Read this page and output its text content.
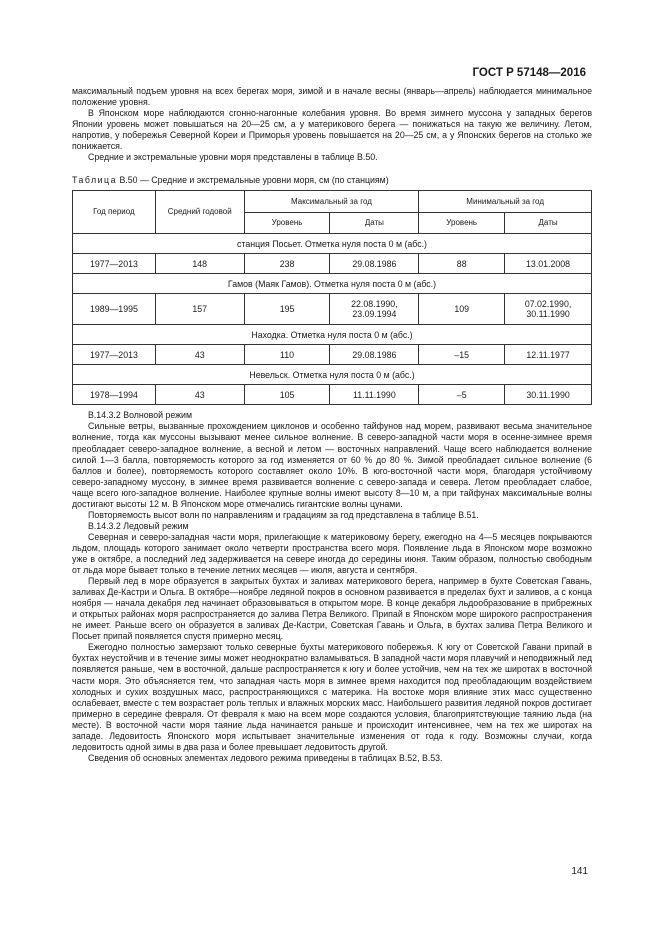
ГОСТ Р 57148—2016

максимальный подъем уровня на всех берегах моря, зимой и в начале весны (январь—апрель) наблюдается минимальное положение уровня.

В Японском море наблюдаются сгонно-нагонные колебания уровня. Во время зимнего муссона у западных берегов Японии уровень может повышаться на 20—25 см, а у материкового берега — понижаться на такую же величину. Летом, напротив, у побережья Северной Кореи и Приморья уровень повышается на 20—25 см, а у Японских берегов на столько же понижается.

Средние и экстремальные уровни моря представлены в таблице В.50.

Таблица В.50 — Средние и экстремальные уровни моря, см (по станциям)

Год период	Средний годовой	Максимальный за год		Минимальный за год	
		Уровень	Даты	Уровень	Даты
станция Посьет. Отметка нуля поста 0 м (абс.)					
1977—2013	148	238	29.08.1986	88	13.01.2008
Гамов (Маяк Гамов). Отметка нуля поста 0 м (абс.)					
1989—1995	157	195	22.08.1990, 23.09.1994	109	07.02.1990, 30.11.1990
Находка. Отметка нуля поста 0 м (абс.)					
1977—2013	43	110	29.08.1986	–15	12.11.1977
Невельск. Отметка нуля поста 0 м (абс.)					
1978—1994	43	105	11.11.1990	–5	30.11.1990

В.14.3.2 Волновой режим

Сильные ветры, вызванные прохождением циклонов и особенно тайфунов над морем, развивают весьма значительное волнение, тогда как муссоны вызывают менее сильное волнение. В северо-западной части моря в осенне-зимнее время преобладает северо-западное волнение, а весной и летом — восточных направлений. Чаще всего наблюдается волнение силой 1—3 балла, повторяемость которого за год изменяется от 60 % до 80 %. Зимой преобладает сильное волнение (6 баллов и более), повторяемость которого составляет около 10%. В юго-восточной части моря, благодаря устойчивому северо-западному муссону, в зимнее время развивается волнение с северо-запада и севера. Летом преобладает слабое, чаще всего юго-западное волнение. Наиболее крупные волны имеют высоту 8—10 м, а при тайфунах максимальные волны достигают высоты 12 м. В Японском море отмечались гигантские волны цунами.

Повторяемость высот волн по направлениям и градациям за год представлена в таблице В.51.

В.14.3.2 Ледовый режим

Северная и северо-западная части моря, прилегающие к материковому берегу, ежегодно на 4—5 месяцев покрываются льдом, площадь которого занимает около четверти пространства всего моря. Появление льда в Японском море возможно уже в октябре, а последний лед задерживается на севере иногда до середины июня. Таким образом, полностью свободным от льда море бывает только в течение летних месяцев — июля, августа и сентября.

Первый лед в море образуется в закрытых бухтах и заливах материкового берега, например в бухте Советская Гавань, заливах Де-Кастри и Ольга. В октябре—ноябре ледяной покров в основном развивается в пределах бухт и заливов, а с конца ноября — начала декабря лед начинает образовываться в открытом море. В конце декабря льдообразование в прибрежных и открытых районах моря распространяется до залива Петра Великого. Припай в Японском море широкого распространения не имеет. Раньше всего он образуется в заливах Де-Кастри, Советская Гавань и Ольга, в бухтах залива Петра Великого и Посьет припай появляется спустя примерно месяц.

Ежегодно полностью замерзают только северные бухты материкового побережья. К югу от Советской Гавани припай в бухтах неустойчив и в течение зимы может неоднократно взламываться. В западной части моря плавучий и неподвижный лед появляется раньше, чем в восточной, дальше распространяется к югу и более устойчив, чем на тех же широтах в восточной части моря. Это объясняется тем, что западная часть моря в зимнее время находится под преобладающим воздействием холодных и сухих воздушных масс, распространяющихся с материка. На востоке моря влияние этих масс существенно ослабевает, вместе с тем возрастает роль теплых и влажных морских масс. Наибольшего развития ледяной покров достигает примерно в середине февраля. От февраля к маю на всем море создаются условия, благоприятствующие таянию льда (на месте). В восточной части моря таяние льда начинается раньше и происходит интенсивнее, чем на тех же широтах на западе. Ледовитость Японского моря испытывает значительные изменения от года к году. Возможны случаи, когда ледовитость одной зимы в два раза и более превышает ледовитость другой.

Сведения об основных элементах ледового режима приведены в таблицах В.52, В.53.

141
